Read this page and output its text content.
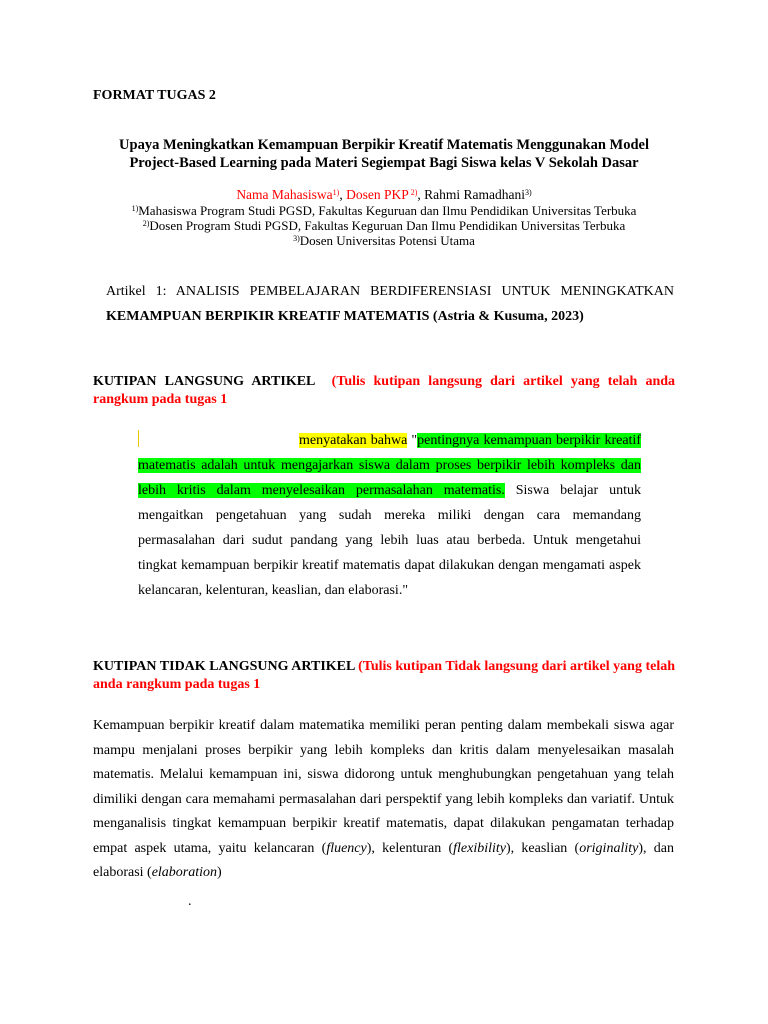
FORMAT TUGAS 2
Upaya Meningkatkan Kemampuan Berpikir Kreatif Matematis Menggunakan Model
Project-Based Learning pada Materi Segiempat Bagi Siswa kelas V Sekolah Dasar
Nama Mahasiswa$^{1)}$, Dosen PKP $^{2)}$, Rahmi Ramadhani$^{3)}$
$^{1)}$Mahasiswa Program Studi PGSD, Fakultas Keguruan dan Ilmu Pendidikan Universitas Terbuka
$^{2)}$Dosen Program Studi PGSD, Fakultas Keguruan Dan Ilmu Pendidikan Universitas Terbuka
$^{3)}$Dosen Universitas Potensi Utama
Artikel 1: ANALISIS PEMBELAJARAN BERDIFERENSIASI UNTUK MENINGKATKAN KEMAMPUAN BERPIKIR KREATIF MATEMATIS (Astria & Kusuma, 2023)
KUTIPAN LANGSUNG ARTIKEL (Tulis kutipan langsung dari artikel yang telah anda rangkum pada tugas 1
menyatakan bahwa "pentingnya kemampuan berpikir kreatif matematis adalah untuk mengajarkan siswa dalam proses berpikir lebih kompleks dan lebih kritis dalam menyelesaikan permasalahan matematis. Siswa belajar untuk mengaitkan pengetahuan yang sudah mereka miliki dengan cara memandang permasalahan dari sudut pandang yang lebih luas atau berbeda. Untuk mengetahui tingkat kemampuan berpikir kreatif matematis dapat dilakukan dengan mengamati aspek kelancaran, kelenturan, keaslian, dan elaborasi."
KUTIPAN TIDAK LANGSUNG ARTIKEL (Tulis kutipan Tidak langsung dari artikel yang telah anda rangkum pada tugas 1
Kemampuan berpikir kreatif dalam matematika memiliki peran penting dalam membekali siswa agar mampu menjalani proses berpikir yang lebih kompleks dan kritis dalam menyelesaikan masalah matematis. Melalui kemampuan ini, siswa didorong untuk menghubungkan pengetahuan yang telah dimiliki dengan cara memahami permasalahan dari perspektif yang lebih kompleks dan variatif. Untuk menganalisis tingkat kemampuan berpikir kreatif matematis, dapat dilakukan pengamatan terhadap empat aspek utama, yaitu kelancaran (fluency), kelenturan (flexibility), keaslian (originality), dan elaborasi (elaboration)
.
